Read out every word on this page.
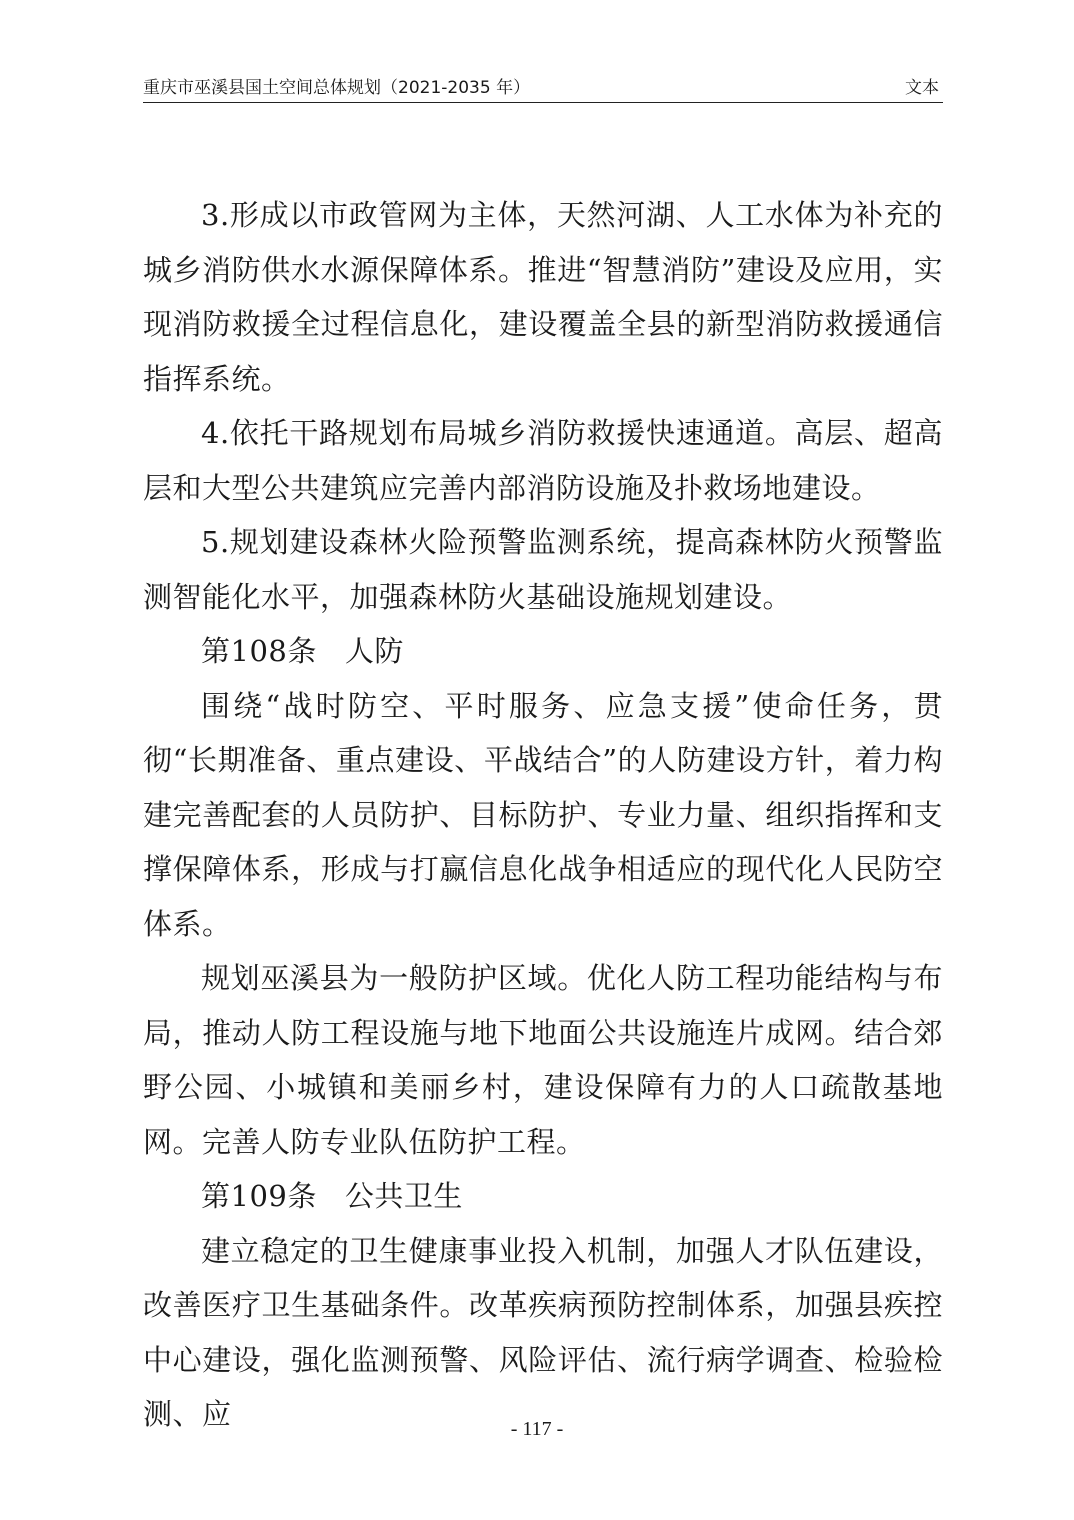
重庆市巫溪县国土空间总体规划（2021-2035 年）	文本

3.形成以市政管网为主体，天然河湖、人工水体为补充的城乡消防供水水源保障体系。推进“智慧消防”建设及应用，实现消防救援全过程信息化，建设覆盖全县的新型消防救援通信指挥系统。

4.依托干路规划布局城乡消防救援快速通道。高层、超高层和大型公共建筑应完善内部消防设施及扑救场地建设。

5.规划建设森林火险预警监测系统，提高森林防火预警监测智能化水平，加强森林防火基础设施规划建设。

第108条 人防

围绕“战时防空、平时服务、应急支援”使命任务，贯彻“长期准备、重点建设、平战结合”的人防建设方针，着力构建完善配套的人员防护、目标防护、专业力量、组织指挥和支撑保障体系，形成与打赢信息化战争相适应的现代化人民防空体系。

规划巫溪县为一般防护区域。优化人防工程功能结构与布局，推动人防工程设施与地下地面公共设施连片成网。结合郊野公园、小城镇和美丽乡村，建设保障有力的人口疏散基地网。完善人防专业队伍防护工程。

第109条 公共卫生

建立稳定的卫生健康事业投入机制，加强人才队伍建设，改善医疗卫生基础条件。改革疾病预防控制体系，加强县疾控中心建设，强化监测预警、风险评估、流行病学调查、检验检测、应	- 117 -
